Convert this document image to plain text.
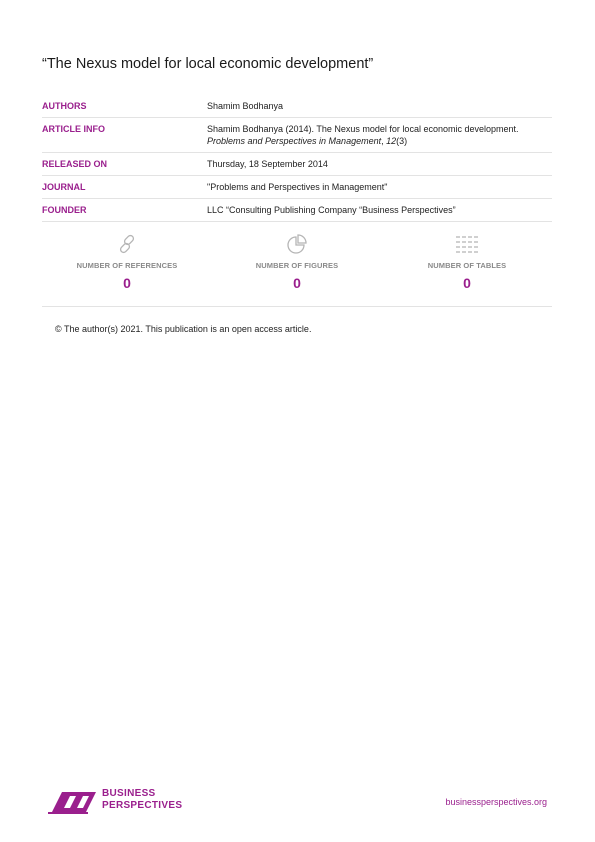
“The Nexus model for local economic development”
AUTHORS	Shamim Bodhanya
ARTICLE INFO	Shamim Bodhanya (2014). The Nexus model for local economic development.
Problems and Perspectives in Management, 12(3)
RELEASED ON	Thursday, 18 September 2014
JOURNAL	"Problems and Perspectives in Management"
FOUNDER	LLC “Consulting Publishing Company “Business Perspectives”
NUMBER OF REFERENCES
0
NUMBER OF FIGURES
0
NUMBER OF TABLES
0
© The author(s) 2021. This publication is an open access article.
BUSINESS
PERSPECTIVES	businessperspectives.org
